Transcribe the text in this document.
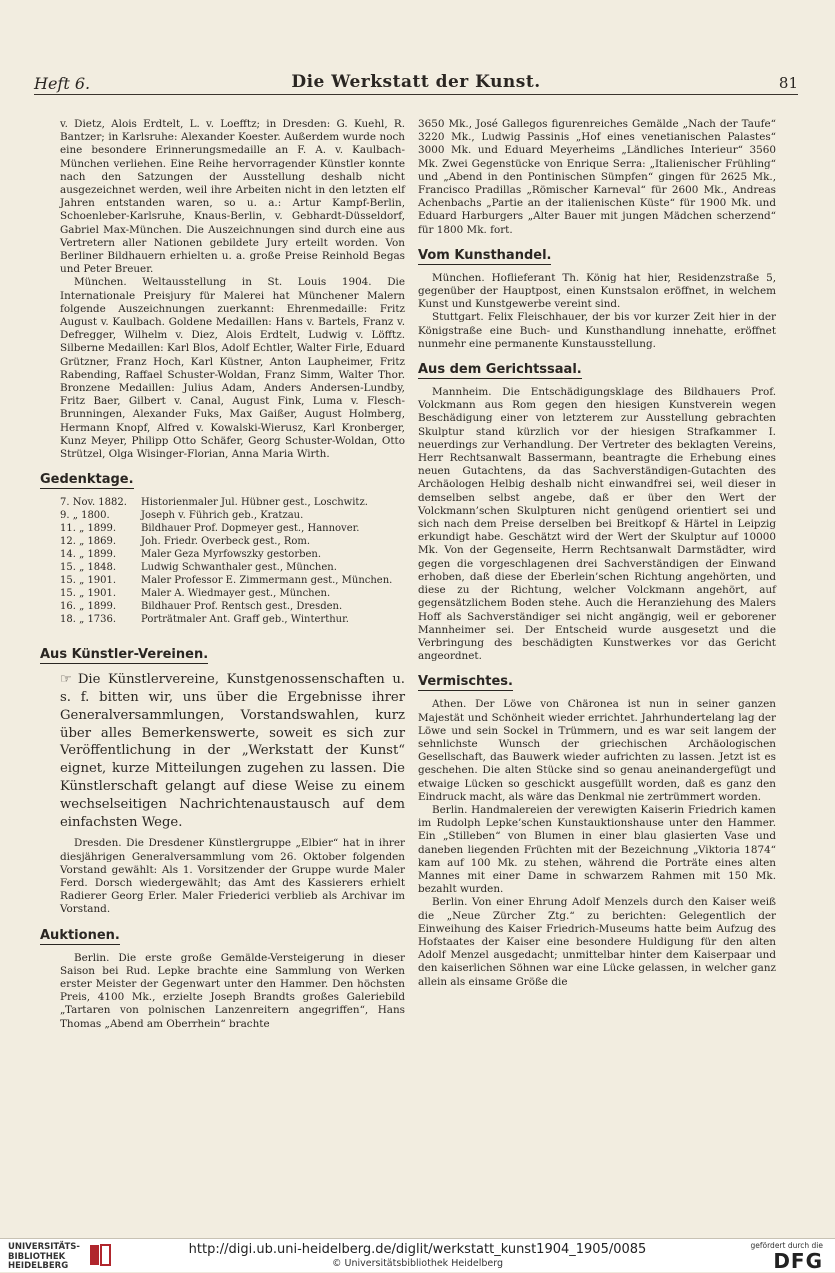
Heft 6.	Die Werkstatt der Kunst.	81

v. Dietz, Alois Erdtelt, L. v. Loefftz; in Dresden: G. Kuehl, R. Bantzer; in Karlsruhe: Alexander Koester. Außerdem wurde noch eine besondere Erinnerungsmedaille an F. A. v. Kaulbach-München verliehen. Eine Reihe hervorragender Künstler konnte nach den Satzungen der Ausstellung deshalb nicht ausgezeichnet werden, weil ihre Arbeiten nicht in den letzten elf Jahren entstanden waren, so u. a.: Artur Kampf-Berlin, Schoenleber-Karlsruhe, Knaus-Berlin, v. Gebhardt-Düsseldorf, Gabriel Max-München. Die Auszeichnungen sind durch eine aus Vertretern aller Nationen gebildete Jury erteilt worden. Von Berliner Bildhauern erhielten u. a. große Preise Reinhold Begas und Peter Breuer.

München. Weltausstellung in St. Louis 1904. Die Internationale Preisjury für Malerei hat Münchener Malern folgende Auszeichnungen zuerkannt: Ehrenmedaille: Fritz August v. Kaulbach. Goldene Medaillen: Hans v. Bartels, Franz v. Defregger, Wilhelm v. Diez, Alois Erdtelt, Ludwig v. Löfftz. Silberne Medaillen: Karl Blos, Adolf Echtler, Walter Firle, Eduard Grützner, Franz Hoch, Karl Küstner, Anton Laupheimer, Fritz Rabending, Raffael Schuster-Woldan, Franz Simm, Walter Thor. Bronzene Medaillen: Julius Adam, Anders Andersen-Lundby, Fritz Baer, Gilbert v. Canal, August Fink, Luma v. Flesch-Brunningen, Alexander Fuks, Max Gaißer, August Holmberg, Hermann Knopf, Alfred v. Kowalski-Wierusz, Karl Kronberger, Kunz Meyer, Philipp Otto Schäfer, Georg Schuster-Woldan, Otto Strützel, Olga Wisinger-Florian, Anna Maria Wirth.

Gedenktage.
7. Nov. 1882.	Historienmaler Jul. Hübner gest., Loschwitz.
9. „ 1800.	Joseph v. Führich geb., Kratzau.
11. „ 1899.	Bildhauer Prof. Dopmeyer gest., Hannover.
12. „ 1869.	Joh. Friedr. Overbeck gest., Rom.
14. „ 1899.	Maler Geza Myrfowszky gestorben.
15. „ 1848.	Ludwig Schwanthaler gest., München.
15. „ 1901.	Maler Professor E. Zimmermann gest., München.
15. „ 1901.	Maler A. Wiedmayer gest., München.
16. „ 1899.	Bildhauer Prof. Rentsch gest., Dresden.
18. „ 1736.	Porträtmaler Ant. Graff geb., Winterthur.
Aus Künstler-Vereinen.

☞ Die Künstlervereine, Kunstgenossenschaften u. s. f. bitten wir, uns über die Ergebnisse ihrer Generalversammlungen, Vorstandswahlen, kurz über alles Bemerkenswerte, soweit es sich zur Veröffentlichung in der „Werkstatt der Kunst“ eignet, kurze Mitteilungen zugehen zu lassen. Die Künstlerschaft gelangt auf diese Weise zu einem wechselseitigen Nachrichtenaustausch auf dem einfachsten Wege.

Dresden. Die Dresdener Künstlergruppe „Elbier“ hat in ihrer diesjährigen Generalversammlung vom 26. Oktober folgenden Vorstand gewählt: Als 1. Vorsitzender der Gruppe wurde Maler Ferd. Dorsch wiedergewählt; das Amt des Kassierers erhielt Radierer Georg Erler. Maler Friederici verblieb als Archivar im Vorstand.

Auktionen.

Berlin. Die erste große Gemälde-Versteigerung in dieser Saison bei Rud. Lepke brachte eine Sammlung von Werken erster Meister der Gegenwart unter den Hammer. Den höchsten Preis, 4100 Mk., erzielte Joseph Brandts großes Galeriebild „Tartaren von polnischen Lanzenreitern angegriffen“, Hans Thomas „Abend am Oberrhein“ brachte

3650 Mk., José Gallegos figurenreiches Gemälde „Nach der Taufe“ 3220 Mk., Ludwig Passinis „Hof eines venetianischen Palastes“ 3000 Mk. und Eduard Meyerheims „Ländliches Interieur“ 3560 Mk. Zwei Gegenstücke von Enrique Serra: „Italienischer Frühling“ und „Abend in den Pontinischen Sümpfen“ gingen für 2625 Mk., Francisco Pradillas „Römischer Karneval“ für 2600 Mk., Andreas Achenbachs „Partie an der italienischen Küste“ für 1900 Mk. und Eduard Harburgers „Alter Bauer mit jungen Mädchen scherzend“ für 1800 Mk. fort.

Vom Kunsthandel.

München. Hoflieferant Th. König hat hier, Residenzstraße 5, gegenüber der Hauptpost, einen Kunstsalon eröffnet, in welchem Kunst und Kunstgewerbe vereint sind.

Stuttgart. Felix Fleischhauer, der bis vor kurzer Zeit hier in der Königstraße eine Buch- und Kunsthandlung innehatte, eröffnet nunmehr eine permanente Kunstausstellung.

Aus dem Gerichtssaal.

Mannheim. Die Entschädigungsklage des Bildhauers Prof. Volckmann aus Rom gegen den hiesigen Kunstverein wegen Beschädigung einer von letzterem zur Ausstellung gebrachten Skulptur stand kürzlich vor der hiesigen Strafkammer I. neuerdings zur Verhandlung. Der Vertreter des beklagten Vereins, Herr Rechtsanwalt Bassermann, beantragte die Erhebung eines neuen Gutachtens, da das Sachverständigen-Gutachten des Archäologen Helbig deshalb nicht einwandfrei sei, weil dieser in demselben selbst angebe, daß er über den Wert der Volckmann’schen Skulpturen nicht genügend orientiert sei und sich nach dem Preise derselben bei Breitkopf & Härtel in Leipzig erkundigt habe. Geschätzt wird der Wert der Skulptur auf 10000 Mk. Von der Gegenseite, Herrn Rechtsanwalt Darmstädter, wird gegen die vorgeschlagenen drei Sachverständigen der Einwand erhoben, daß diese der Eberlein’schen Richtung angehörten, und diese zu der Richtung, welcher Volckmann angehört, auf gegensätzlichem Boden stehe. Auch die Heranziehung des Malers Hoff als Sachverständiger sei nicht angängig, weil er geborener Mannheimer sei. Der Entscheid wurde ausgesetzt und die Verbringung des beschädigten Kunstwerkes vor das Gericht angeordnet.

Vermischtes.

Athen. Der Löwe von Chäronea ist nun in seiner ganzen Majestät und Schönheit wieder errichtet. Jahrhundertelang lag der Löwe und sein Sockel in Trümmern, und es war seit langem der sehnlichste Wunsch der griechischen Archäologischen Gesellschaft, das Bauwerk wieder aufrichten zu lassen. Jetzt ist es geschehen. Die alten Stücke sind so genau aneinandergefügt und etwaige Lücken so geschickt ausgefüllt worden, daß es ganz den Eindruck macht, als wäre das Denkmal nie zertrümmert worden.

Berlin. Handmalereien der verewigten Kaiserin Friedrich kamen im Rudolph Lepke’schen Kunstauktionshause unter den Hammer. Ein „Stilleben“ von Blumen in einer blau glasierten Vase und daneben liegenden Früchten mit der Bezeichnung „Viktoria 1874“ kam auf 100 Mk. zu stehen, während die Porträte eines alten Mannes mit einer Dame in schwarzem Rahmen mit 150 Mk. bezahlt wurden.

Berlin. Von einer Ehrung Adolf Menzels durch den Kaiser weiß die „Neue Zürcher Ztg.“ zu berichten: Gelegentlich der Einweihung des Kaiser Friedrich-Museums hatte beim Aufzug des Hofstaates der Kaiser eine besondere Huldigung für den alten Adolf Menzel ausgedacht; unmittelbar hinter dem Kaiserpaar und den kaiserlichen Söhnen war eine Lücke gelassen, in welcher ganz allein als einsame Größe die

UNIVERSITÄTS-
BIBLIOTHEK
HEIDELBERG
http://digi.ub.uni-heidelberg.de/diglit/werkstatt_kunst1904_1905/0085
© Universitätsbibliothek Heidelberg
gefördert durch die
DFG
